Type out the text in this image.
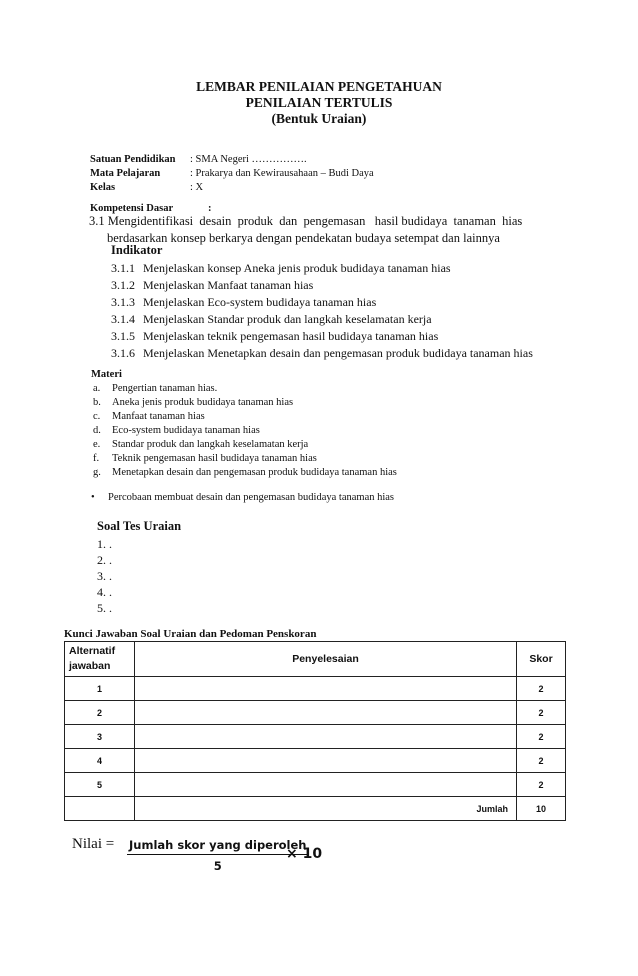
LEMBAR PENILAIAN PENGETAHUAN
PENILAIAN TERTULIS
(Bentuk Uraian)
Satuan Pendidikan : SMA Negeri …………….
Mata Pelajaran	: Prakarya dan Kewirausahaan – Budi Daya
Kelas	: X
Kompetensi Dasar	:
3.1 Mengidentifikasi  desain  produk  dan  pengemasan   hasil budidaya  tanaman  hias
berdasarkan konsep berkarya dengan pendekatan budaya setempat dan lainnya
Indikator
3.1.1 Menjelaskan konsep Aneka jenis produk budidaya tanaman hias
3.1.2 Menjelaskan Manfaat tanaman hias
3.1.3 Menjelaskan Eco-system budidaya tanaman hias
3.1.4 Menjelaskan Standar produk dan langkah keselamatan kerja
3.1.5 Menjelaskan teknik pengemasan hasil budidaya tanaman hias
3.1.6 Menjelaskan Menetapkan desain dan pengemasan produk budidaya tanaman hias
Materi
a. Pengertian tanaman hias.
b. Aneka jenis produk budidaya tanaman hias
c. Manfaat tanaman hias
d. Eco-system budidaya tanaman hias
e. Standar produk dan langkah keselamatan kerja
f. Teknik pengemasan hasil budidaya tanaman hias
g. Menetapkan desain dan pengemasan produk budidaya tanaman hias
• Percobaan membuat desain dan pengemasan budidaya tanaman hias
Soal Tes Uraian
1. .
2. .
3. .
4. .
5. .
Kunci Jawaban Soal Uraian dan Pedoman Penskoran
Alternatif jawaban	Penyelesaian	Skor
1		2
2		2
3		2
4		2
5		2
	Jumlah	10
Nilai = Jumlah skor yang diperoleh
5
× 10
